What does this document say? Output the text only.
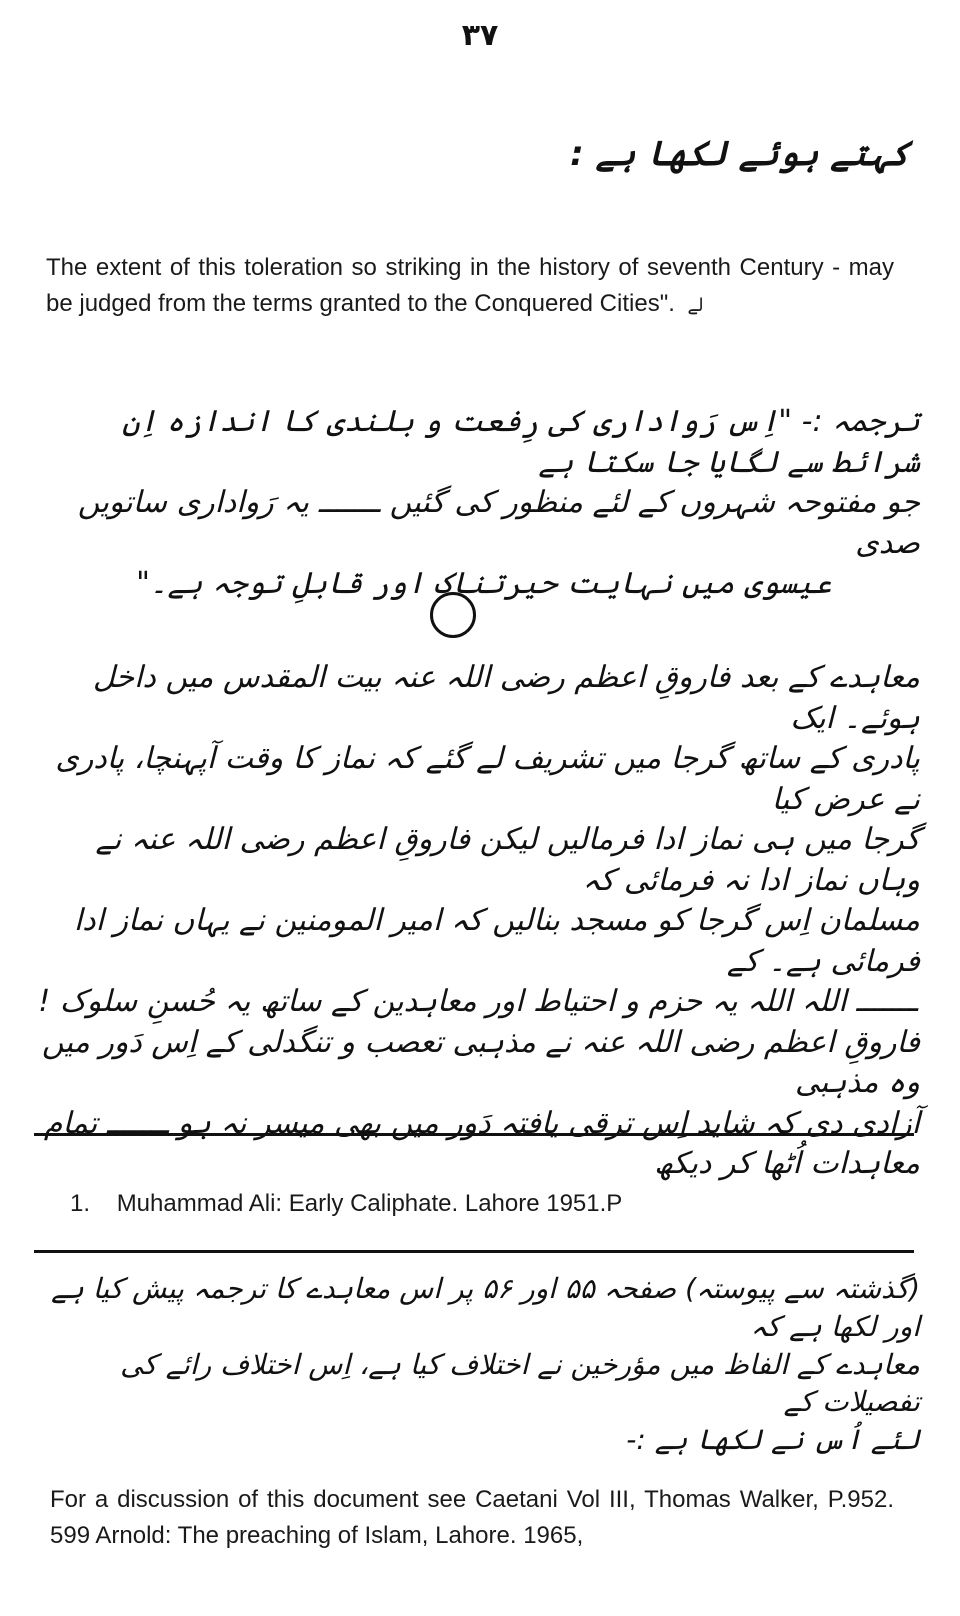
۳۷
کہتے ہوئے لکھا ہے :
The extent of this toleration so striking in the history of seventh Century - may be judged from the terms granted to the Conquered Cities". لے
ترجمہ :- "اِس رَواداری کی رِفعت و بلندی کا اندازہ اِن شرائط سے لگایا جا سکتا ہے
جو مفتوحہ شہروں کے لئے منظور کی گئیں ـــــــ یہ رَواداری ساتویں صدی
عیسوی میں نہایت حیرتناک اور قابلِ توجہ ہے۔"
معاہدے کے بعد فاروقِ اعظم رضی اللہ عنہ بیت المقدس میں داخل ہوئے۔ ایک
پادری کے ساتھ گرجا میں تشریف لے گئے کہ نماز کا وقت آپہنچا، پادری نے عرض کیا
گرجا میں ہی نماز ادا فرمالیں لیکن فاروقِ اعظم رضی اللہ عنہ نے وہاں نماز ادا نہ فرمائی کہ
مسلمان اِس گرجا کو مسجد بنالیں کہ امیر المومنین نے یہاں نماز ادا فرمائی ہے۔ کے
ـــــــ اللہ اللہ یہ حزم و احتیاط اور معاہدین کے ساتھ یہ حُسنِ سلوک !
فاروقِ اعظم رضی اللہ عنہ نے مذہبی تعصب و تنگدلی کے اِس دَور میں وہ مذہبی
آزادی دی کہ شاید اِس ترقی یافتہ دَور میں بھی میسر نہ ہو ـــــــ تمام معاہدات اُٹھا کر دیکھ
1. Muhammad Ali: Early Caliphate. Lahore 1951.P
(گذشتہ سے پیوستہ) صفحہ ۵۵ اور ۵۶ پر اس معاہدے کا ترجمہ پیش کیا ہے اور لکھا ہے کہ
معاہدے کے الفاظ میں مؤرخین نے اختلاف کیا ہے، اِس اختلاف رائے کی تفصیلات کے
لئے اُس نے لکھا ہے :-
For a discussion of this document see Caetani Vol III, Thomas Walker, P.952. 599 Arnold: The preaching of Islam, Lahore. 1965,
